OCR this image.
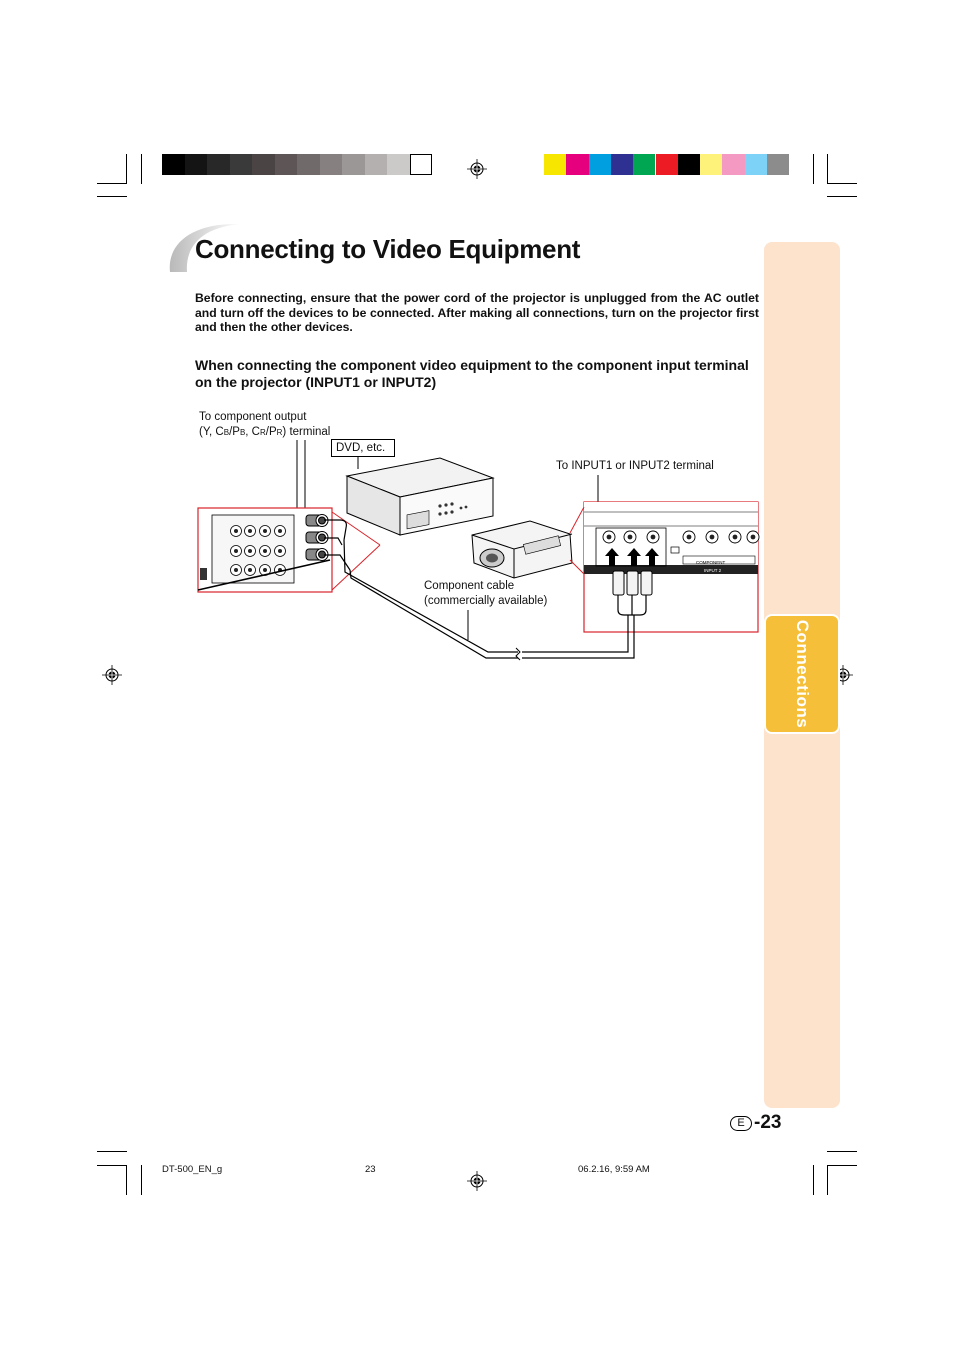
Connections
Connecting to Video Equipment
Before connecting, ensure that the power cord of the projector is unplugged from the AC outlet and turn off the devices to be connected. After making all connections, turn on the projector first and then the other devices.
When connecting the component video equipment to the component input terminal on the projector (INPUT1 or INPUT2)
To component output
(Y, CB/PB, CR/PR) terminal
DVD, etc.
To INPUT1 or INPUT2 terminal
Component cable
(commercially available)
COMPONENT
INPUT 2
E -23
DT-500_EN_g	23	06.2.16, 9:59 AM
